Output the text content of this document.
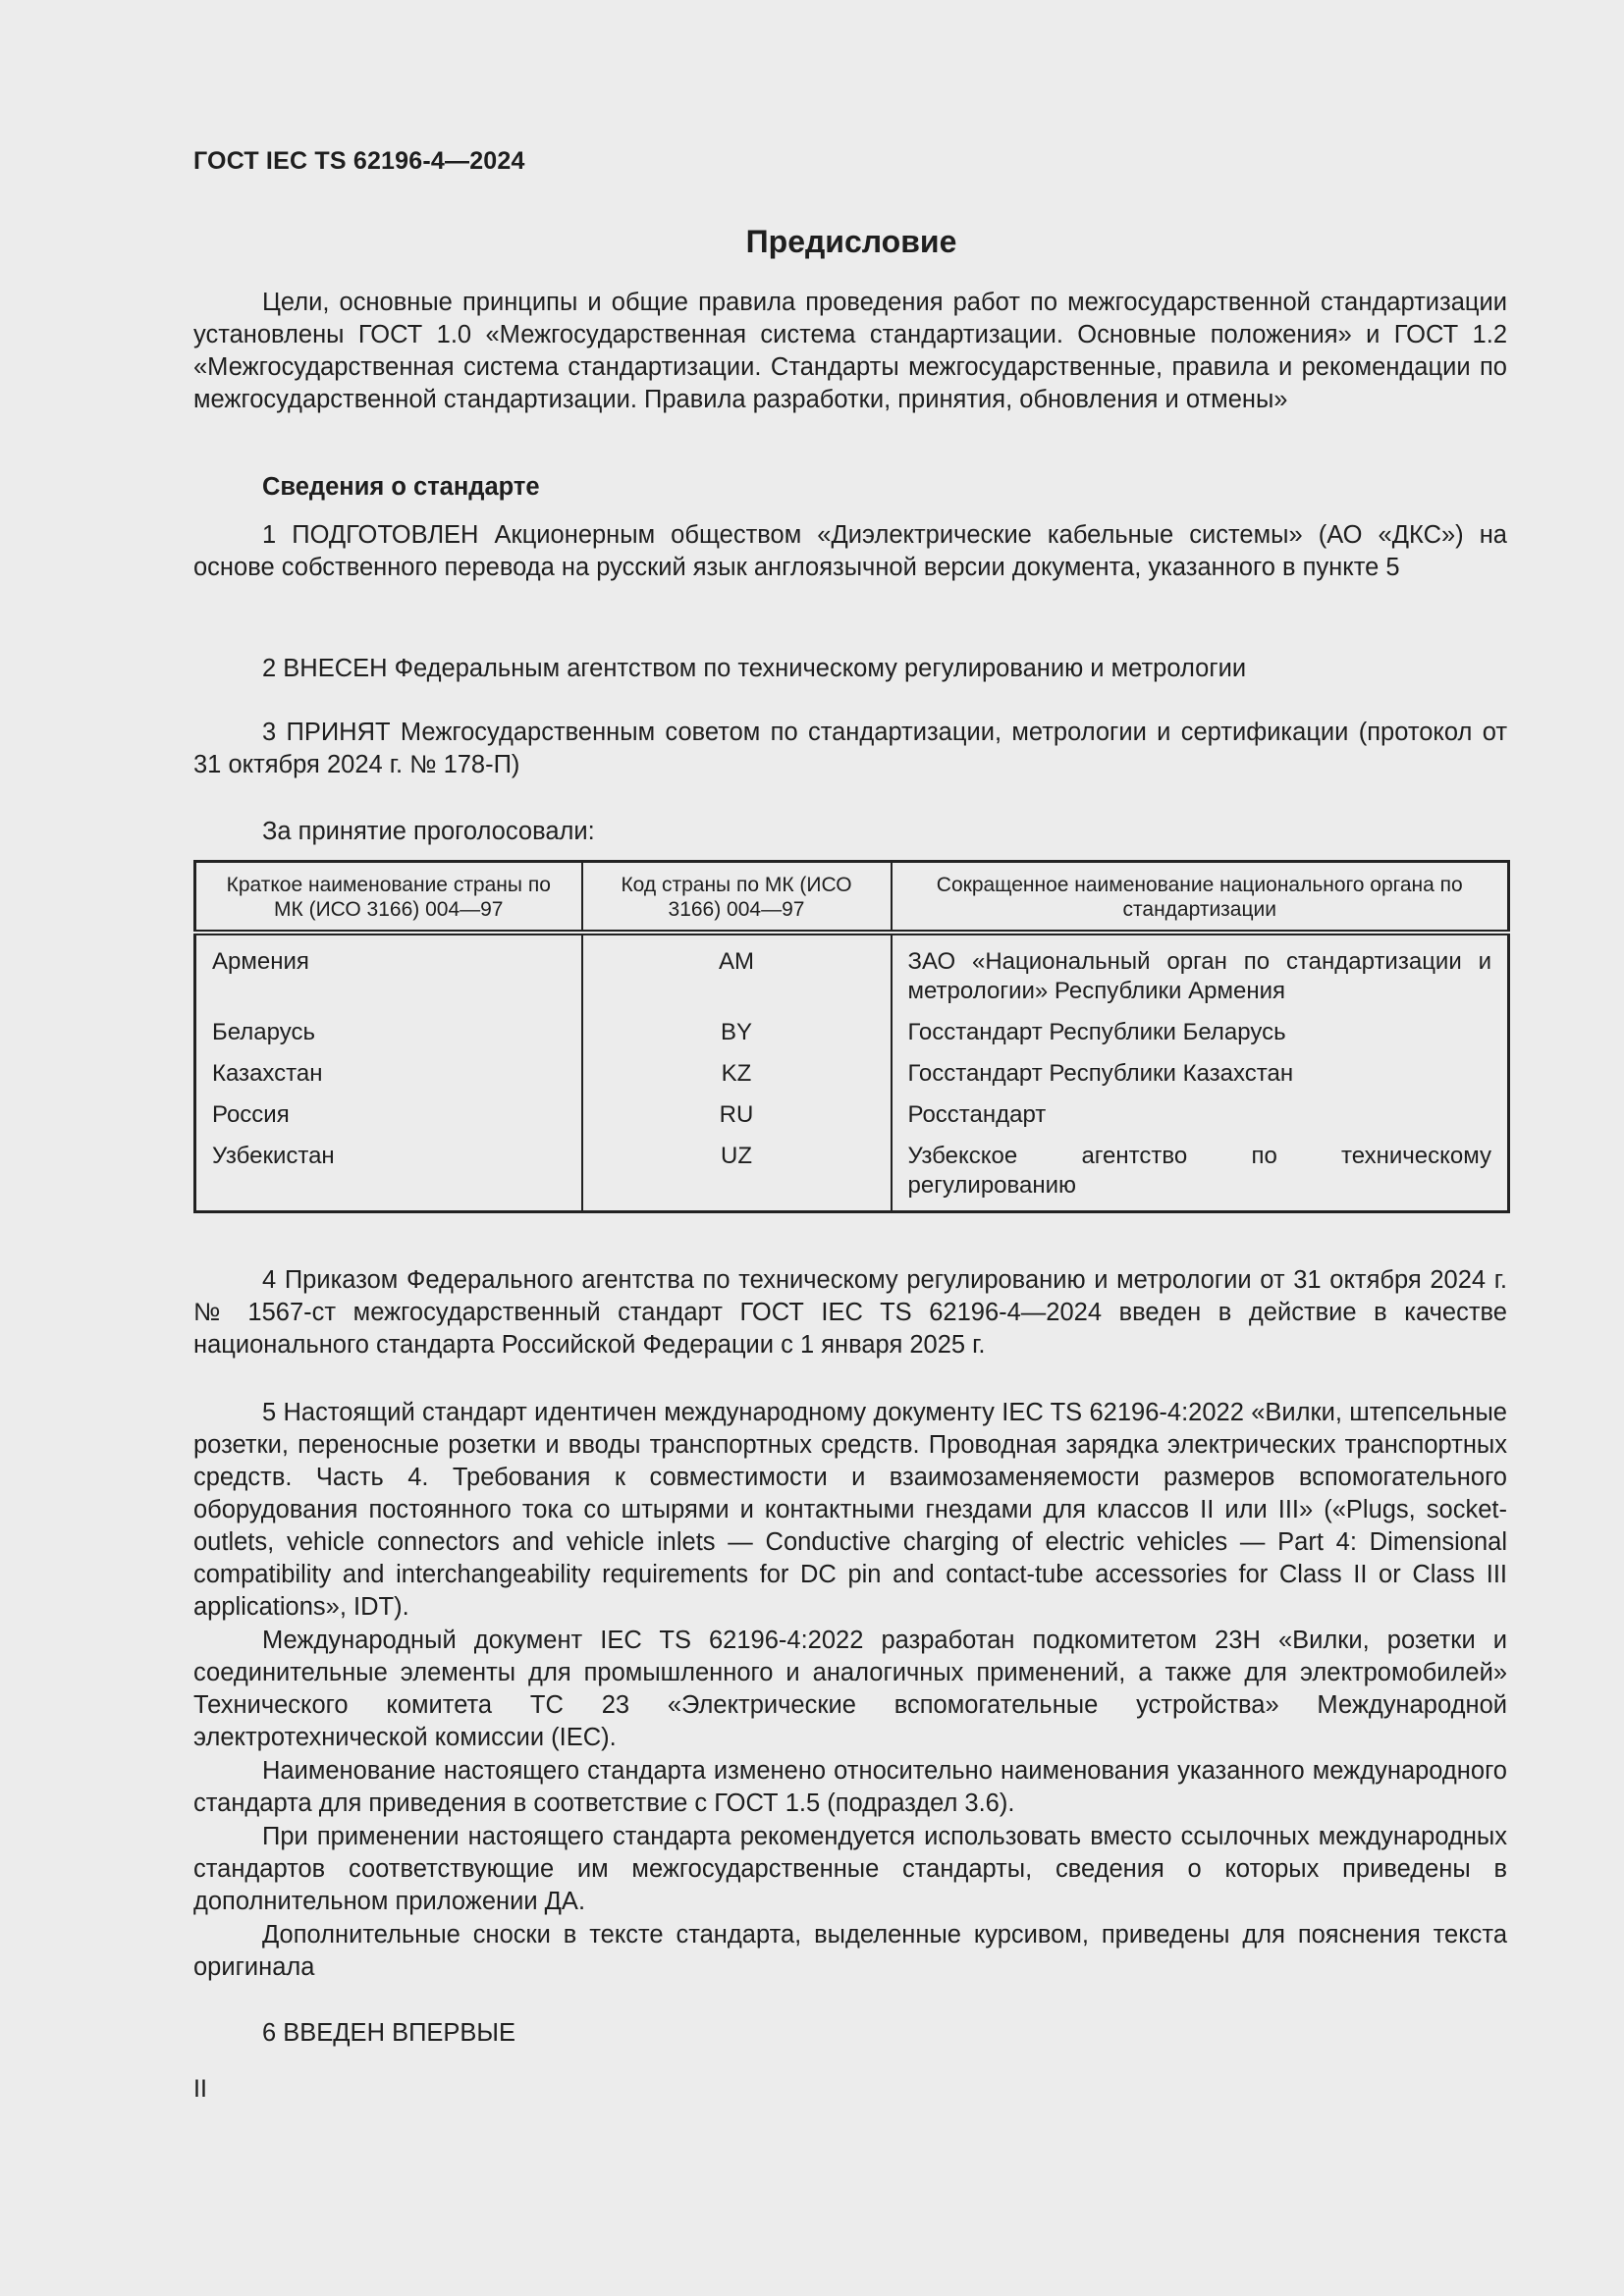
ГОСТ IEC TS 62196-4—2024
Предисловие
Цели, основные принципы и общие правила проведения работ по межгосударственной стандартизации установлены ГОСТ 1.0 «Межгосударственная система стандартизации. Основные положения» и ГОСТ 1.2 «Межгосударственная система стандартизации. Стандарты межгосударственные, правила и рекомендации по межгосударственной стандартизации. Правила разработки, принятия, обновления и отмены»
Сведения о стандарте
1 ПОДГОТОВЛЕН Акционерным обществом «Диэлектрические кабельные системы» (АО «ДКС») на основе собственного перевода на русский язык англоязычной версии документа, указанного в пункте 5
2 ВНЕСЕН Федеральным агентством по техническому регулированию и метрологии
3 ПРИНЯТ Межгосударственным советом по стандартизации, метрологии и сертификации (протокол от 31 октября 2024 г. № 178-П)
За принятие проголосовали:
Краткое наименование страны по МК (ИСО 3166) 004—97	Код страны по МК (ИСО 3166) 004—97	Сокращенное наименование национального органа по стандартизации
Армения	AM	ЗАО «Национальный орган по стандартизации и метрологии» Республики Армения
Беларусь	BY	Госстандарт Республики Беларусь
Казахстан	KZ	Госстандарт Республики Казахстан
Россия	RU	Росстандарт
Узбекистан	UZ	Узбекское агентство по техническому регулированию
4 Приказом Федерального агентства по техническому регулированию и метрологии от 31 октября 2024 г. № 1567-ст межгосударственный стандарт ГОСТ IEC TS 62196-4—2024 введен в действие в качестве национального стандарта Российской Федерации с 1 января 2025 г.
5 Настоящий стандарт идентичен международному документу IEC TS 62196-4:2022 «Вилки, штепсельные розетки, переносные розетки и вводы транспортных средств. Проводная зарядка электрических транспортных средств. Часть 4. Требования к совместимости и взаимозаменяемости размеров вспомогательного оборудования постоянного тока со штырями и контактными гнездами для классов II или III» («Plugs, socket-outlets, vehicle connectors and vehicle inlets — Conductive charging of electric vehicles — Part 4: Dimensional compatibility and interchangeability requirements for DC pin and contact-tube accessories for Class II or Class III applications», IDT).
Международный документ IEC TS 62196-4:2022 разработан подкомитетом 23H «Вилки, розетки и соединительные элементы для промышленного и аналогичных применений, а также для электромобилей» Технического комитета TC 23 «Электрические вспомогательные устройства» Международной электротехнической комиссии (IEC).
Наименование настоящего стандарта изменено относительно наименования указанного международного стандарта для приведения в соответствие с ГОСТ 1.5 (подраздел 3.6).
При применении настоящего стандарта рекомендуется использовать вместо ссылочных международных стандартов соответствующие им межгосударственные стандарты, сведения о которых приведены в дополнительном приложении ДА.
Дополнительные сноски в тексте стандарта, выделенные курсивом, приведены для пояснения текста оригинала
6 ВВЕДЕН ВПЕРВЫЕ
II
